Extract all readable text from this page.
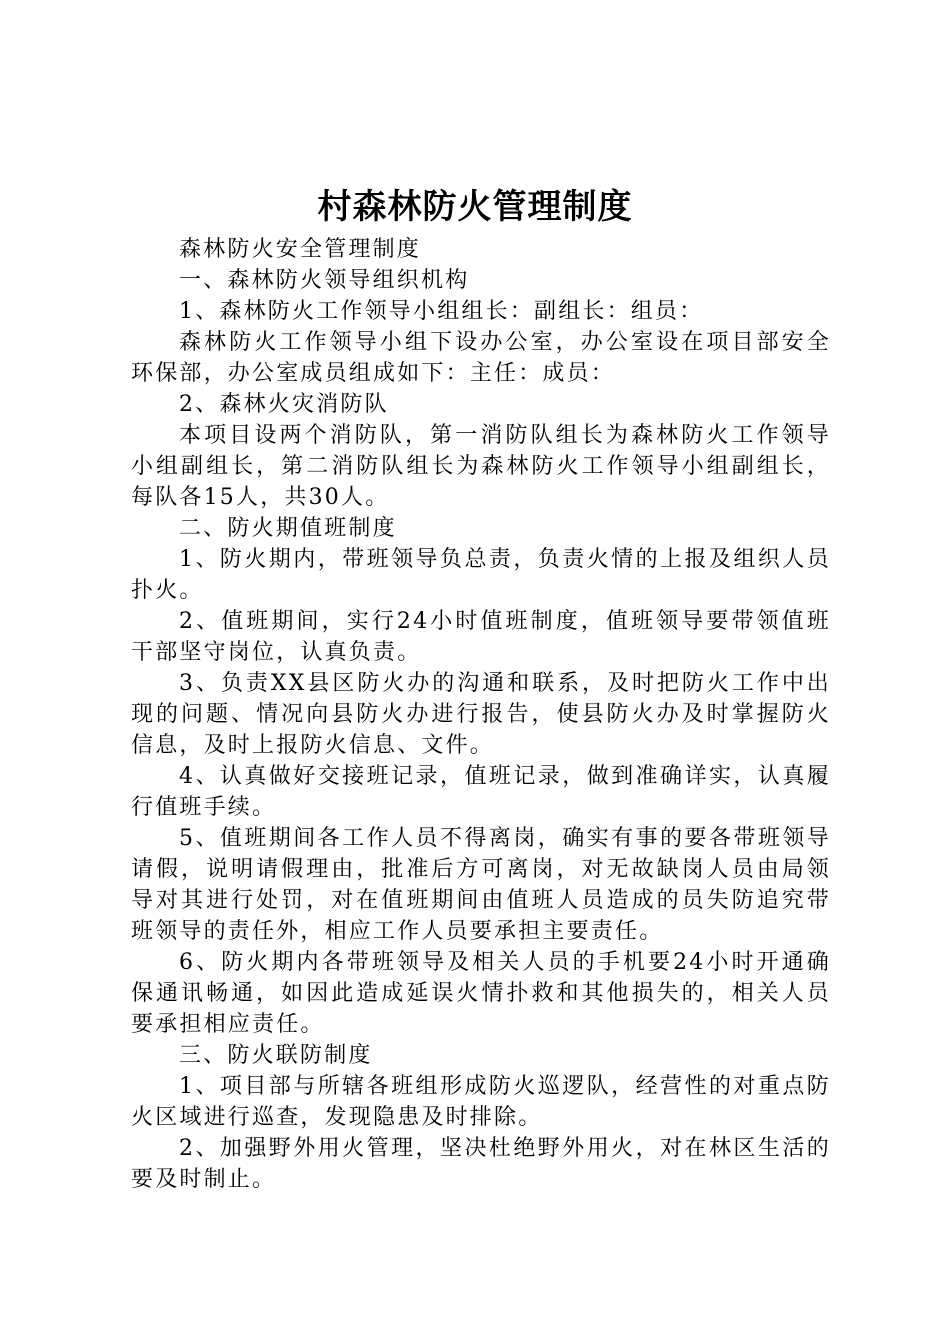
村森林防火管理制度

森林防火安全管理制度

一、森林防火领导组织机构

1、森林防火工作领导小组组长：副组长：组员：

森林防火工作领导小组下设办公室，办公室设在项目部安全环保部，办公室成员组成如下：主任：成员：

2、森林火灾消防队

本项目设两个消防队，第一消防队组长为森林防火工作领导小组副组长，第二消防队组长为森林防火工作领导小组副组长，每队各15人，共30人。

二、防火期值班制度

1、防火期内，带班领导负总责，负责火情的上报及组织人员扑火。

2、值班期间，实行24小时值班制度，值班领导要带领值班干部坚守岗位，认真负责。

3、负责XX县区防火办的沟通和联系，及时把防火工作中出现的问题、情况向县防火办进行报告，使县防火办及时掌握防火信息，及时上报防火信息、文件。

4、认真做好交接班记录，值班记录，做到准确详实，认真履行值班手续。

5、值班期间各工作人员不得离岗，确实有事的要各带班领导请假，说明请假理由，批准后方可离岗，对无故缺岗人员由局领导对其进行处罚，对在值班期间由值班人员造成的员失防追究带班领导的责任外，相应工作人员要承担主要责任。

6、防火期内各带班领导及相关人员的手机要24小时开通确保通讯畅通，如因此造成延误火情扑救和其他损失的，相关人员要承担相应责任。

三、防火联防制度

1、项目部与所辖各班组形成防火巡逻队，经营性的对重点防火区域进行巡查，发现隐患及时排除。

2、加强野外用火管理，坚决杜绝野外用火，对在林区生活的要及时制止。
